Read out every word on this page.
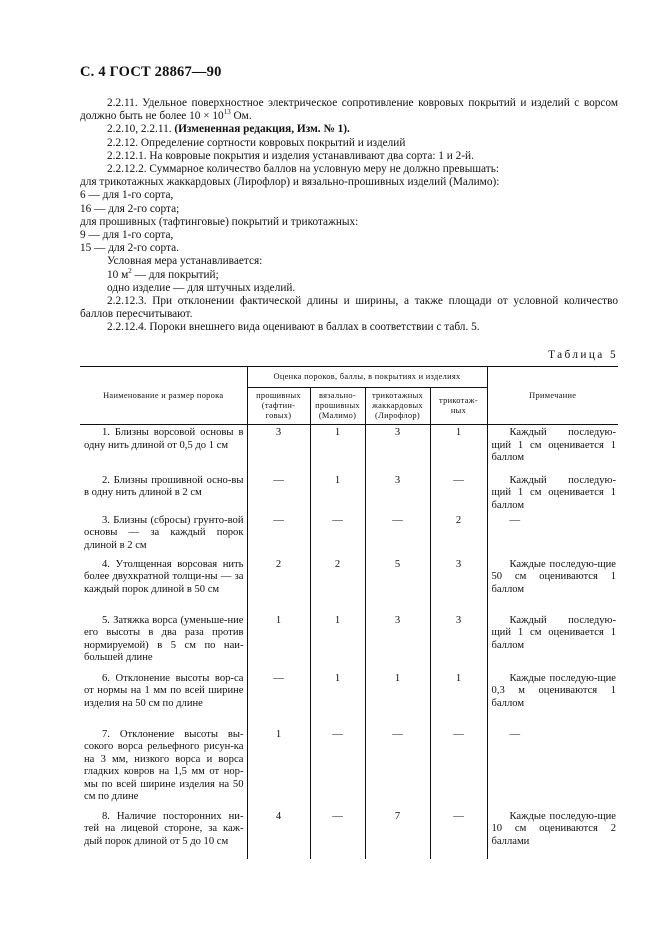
С. 4 ГОСТ 28867—90

2.2.11. Удельное поверхностное электрическое сопротивление ковровых покрытий и изделий с ворсом должно быть не более $10 \times 10^{13}$ Ом.

2.2.10, 2.2.11. (Измененная редакция, Изм. № 1).

2.2.12. Определение сортности ковровых покрытий и изделий

2.2.12.1. На ковровые покрытия и изделия устанавливают два сорта: 1 и 2-й.

2.2.12.2. Суммарное количество баллов на условную меру не должно превышать:

для трикотажных жаккардовых (Лирофлор) и вязально-прошивных изделий (Малимо):

6 — для 1-го сорта,

16 — для 2-го сорта;

для прошивных (тафтинговые) покрытий и трикотажных:

9 — для 1-го сорта,

15 — для 2-го сорта.

Условная мера устанавливается:

10 $м^2$ — для покрытий;

одно изделие — для штучных изделий.

2.2.12.3. При отклонении фактической длины и ширины, а также площади от условной количество баллов пересчитывают.

2.2.12.4. Пороки внешнего вида оценивают в баллах в соответствии с табл. 5.

Таблица 5
Наименование и размер порока	Оценка пороков, баллы, в покрытиях и изделиях				Примечание
	прошивных (тафтин-говых)	вязально-прошивных (Малимо)	трикотажных жаккардовых (Лирофлор)	трикотаж-ных	
1. Близны ворсовой основы в одну нить длиной от 0,5 до 1 см	3	1	3	1	Каждый последую-щий 1 см оценивается 1 баллом
2. Близны прошивной осно-вы в одну нить длиной в 2 см	—	1	3	—	Каждый последую-щий 1 см оценивается 1 баллом
3. Близны (сбросы) грунто-вой основы — за каждый порок длиной в 2 см	—	—	—	2	—
4. Утолщенная ворсовая нить более двухкратной толщи-ны — за каждый порок длиной в 50 см	2	2	5	3	Каждые последую-щие 50 см оцениваются 1 баллом
5. Затяжка ворса (уменьше-ние его высоты в два раза против нормируемой) в 5 см по наи-большей длине	1	1	3	3	Каждый последую-щий 1 см оценивается 1 баллом
6. Отклонение высоты вор-са от нормы на 1 мм по всей ширине изделия на 50 см по длине	—	1	1	1	Каждые последую-щие 0,3 м оцениваются 1 баллом
7. Отклонение высоты вы-сокого ворса рельефного рисун-ка на 3 мм, низкого ворса и ворса гладких ковров на 1,5 мм от нор-мы по всей ширине изделия на 50 см по длине	1	—	—	—	—
8. Наличие посторонних ни-тей на лицевой стороне, за каж-дый порок длиной от 5 до 10 см	4	—	7	—	Каждые последую-щие 10 см оцениваются 2 баллами
